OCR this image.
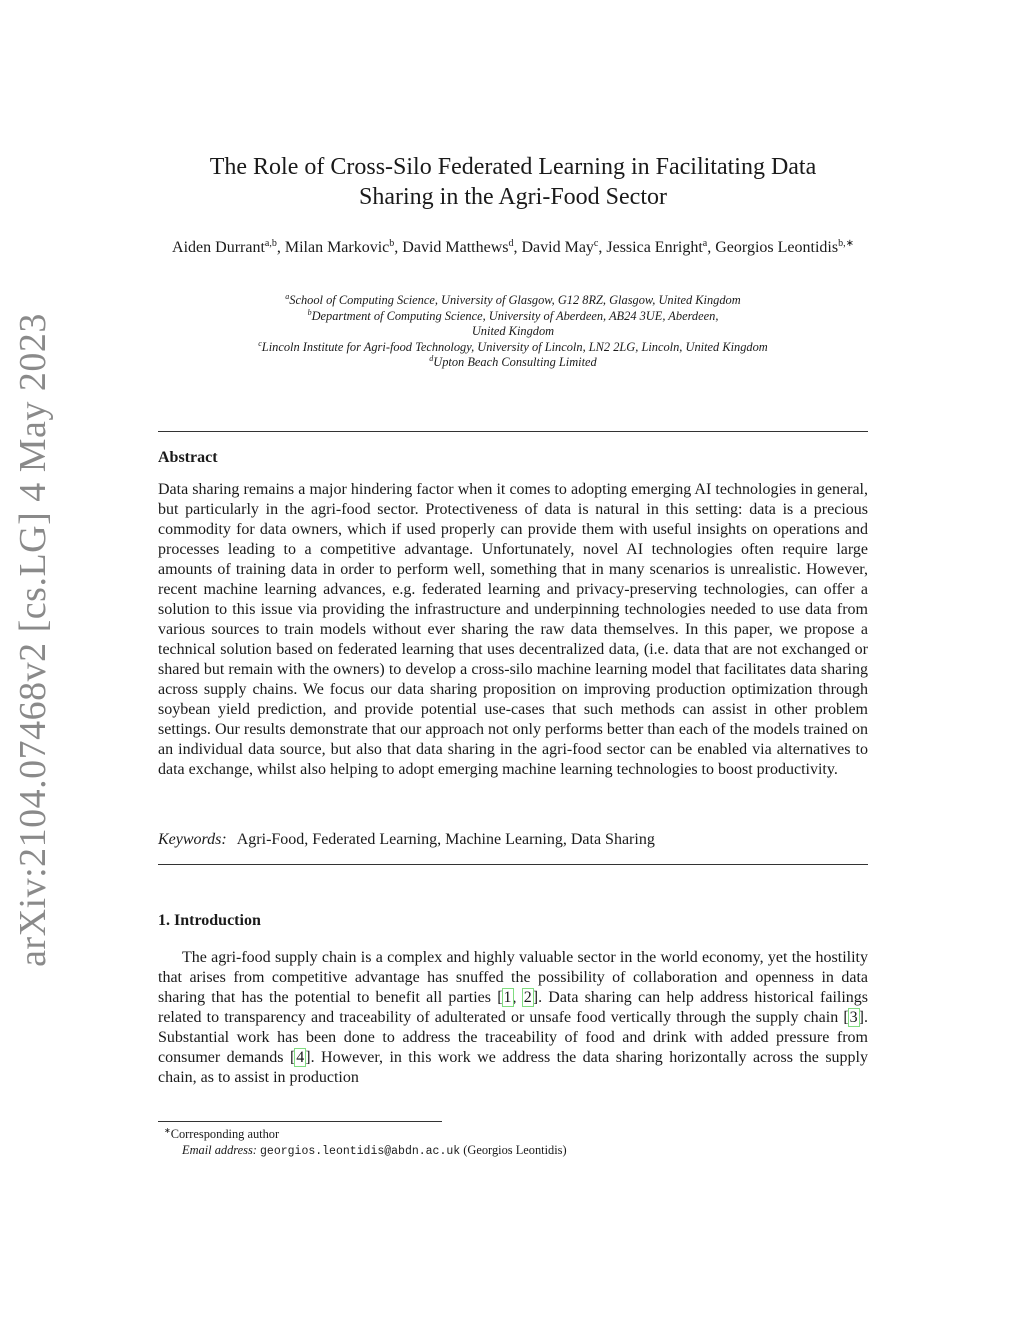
arXiv:2104.07468v2 [cs.LG] 4 May 2023
The Role of Cross-Silo Federated Learning in Facilitating Data
Sharing in the Agri-Food Sector
Aiden Durrant$^{a,b}$, Milan Markovic$^b$, David Matthews$^d$, David May$^c$, Jessica Enright$^a$, Georgios Leontidis$^{b,∗}$
$^a$School of Computing Science, University of Glasgow, G12 8RZ, Glasgow, United Kingdom
$^b$Department of Computing Science, University of Aberdeen, AB24 3UE, Aberdeen,
United Kingdom
$^c$Lincoln Institute for Agri-food Technology, University of Lincoln, LN2 2LG, Lincoln, United Kingdom
$^d$Upton Beach Consulting Limited
Abstract

Data sharing remains a major hindering factor when it comes to adopting emerging AI technologies in general, but particularly in the agri-food sector. Protectiveness of data is natural in this setting: data is a precious commodity for data owners, which if used properly can provide them with useful insights on operations and processes leading to a competitive advantage. Unfortunately, novel AI technologies often require large amounts of training data in order to perform well, something that in many scenarios is unrealistic. However, recent machine learning advances, e.g. federated learning and privacy-preserving technologies, can offer a solution to this issue via providing the infrastructure and underpinning technologies needed to use data from various sources to train models without ever sharing the raw data themselves. In this paper, we propose a technical solution based on federated learning that uses decentralized data, (i.e. data that are not exchanged or shared but remain with the owners) to develop a cross-silo machine learning model that facilitates data sharing across supply chains. We focus our data sharing proposition on improving production optimization through soybean yield prediction, and provide potential use-cases that such methods can assist in other problem settings. Our results demonstrate that our approach not only performs better than each of the models trained on an individual data source, but also that data sharing in the agri-food sector can be enabled via alternatives to data exchange, whilst also helping to adopt emerging machine learning technologies to boost productivity.

Keywords: Agri-Food, Federated Learning, Machine Learning, Data Sharing
1. Introduction

The agri-food supply chain is a complex and highly valuable sector in the world economy, yet the hostility that arises from competitive advantage has snuffed the possibility of collaboration and openness in data sharing that has the potential to benefit all parties [1, 2]. Data sharing can help address historical failings related to transparency and traceability of adulterated or unsafe food vertically through the supply chain [3]. Substantial work has been done to address the traceability of food and drink with added pressure from consumer demands [4]. However, in this work we address the data sharing horizontally across the supply chain, as to assist in production

∗Corresponding author
Email address: georgios.leontidis@abdn.ac.uk (Georgios Leontidis)
